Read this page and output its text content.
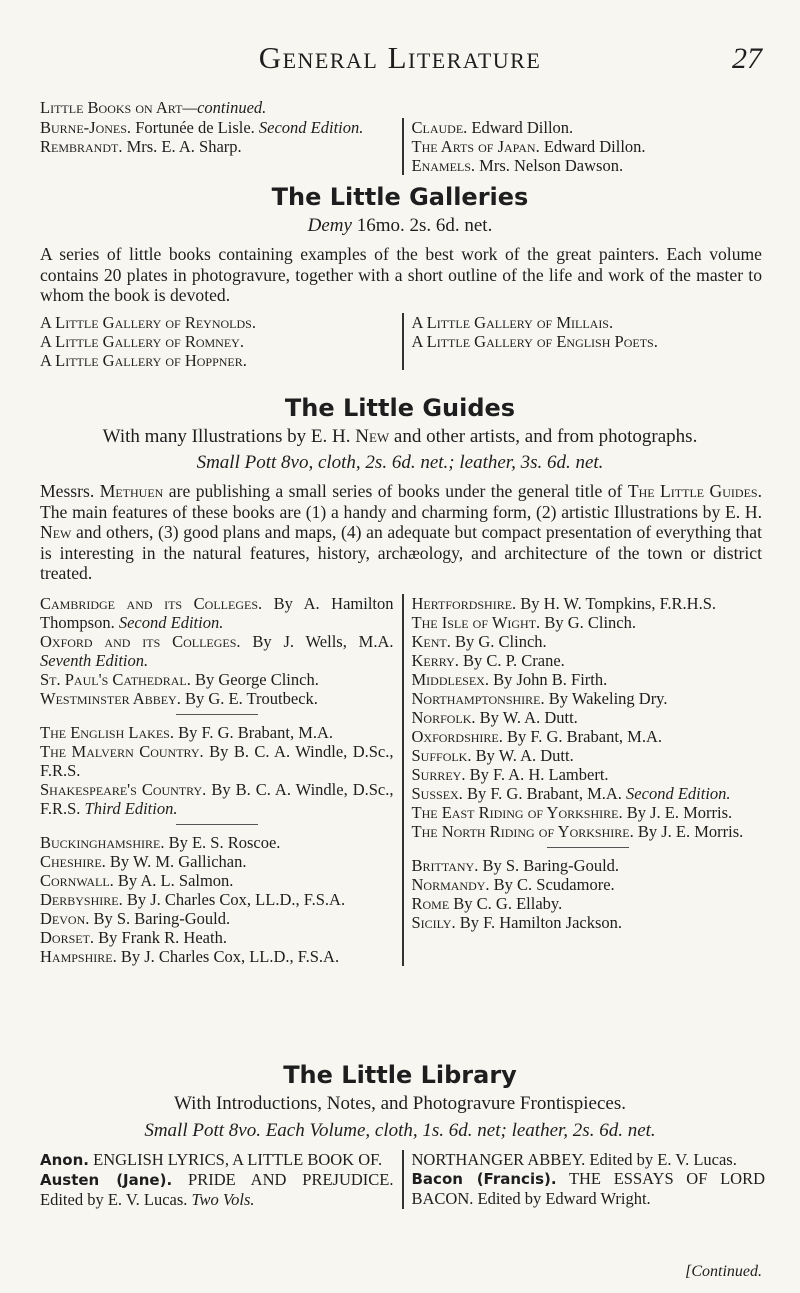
General Literature	27
Little Books on Art—continued.
Burne-Jones. Fortunée de Lisle. Second Edition.
Rembrandt. Mrs. E. A. Sharp.
Claude. Edward Dillon.
The Arts of Japan. Edward Dillon.
Enamels. Mrs. Nelson Dawson.
The Little Galleries
Demy 16mo. 2s. 6d. net.
A series of little books containing examples of the best work of the great painters. Each volume contains 20 plates in photogravure, together with a short outline of the life and work of the master to whom the book is devoted.
A Little Gallery of Reynolds.
A Little Gallery of Romney.
A Little Gallery of Hoppner.
A Little Gallery of Millais.
A Little Gallery of English Poets.
The Little Guides
With many Illustrations by E. H. New and other artists, and from photographs.
Small Pott 8vo, cloth, 2s. 6d. net.; leather, 3s. 6d. net.
Messrs. Methuen are publishing a small series of books under the general title of The Little Guides. The main features of these books are (1) a handy and charming form, (2) artistic Illustrations by E. H. New and others, (3) good plans and maps, (4) an adequate but compact presentation of everything that is interesting in the natural features, history, archæology, and architecture of the town or district treated.
Cambridge and its Colleges. By A. Hamilton Thompson. Second Edition.
Oxford and its Colleges. By J. Wells, M.A. Seventh Edition.
St. Paul's Cathedral. By George Clinch.
Westminster Abbey. By G. E. Troutbeck.
The English Lakes. By F. G. Brabant, M.A.
The Malvern Country. By B. C. A. Windle, D.Sc., F.R.S.
Shakespeare's Country. By B. C. A. Windle, D.Sc., F.R.S. Third Edition.
Buckinghamshire. By E. S. Roscoe.
Cheshire. By W. M. Gallichan.
Cornwall. By A. L. Salmon.
Derbyshire. By J. Charles Cox, LL.D., F.S.A.
Devon. By S. Baring-Gould.
Dorset. By Frank R. Heath.
Hampshire. By J. Charles Cox, LL.D., F.S.A.
Hertfordshire. By H. W. Tompkins, F.R.H.S.
The Isle of Wight. By G. Clinch.
Kent. By G. Clinch.
Kerry. By C. P. Crane.
Middlesex. By John B. Firth.
Northamptonshire. By Wakeling Dry.
Norfolk. By W. A. Dutt.
Oxfordshire. By F. G. Brabant, M.A.
Suffolk. By W. A. Dutt.
Surrey. By F. A. H. Lambert.
Sussex. By F. G. Brabant, M.A. Second Edition.
The East Riding of Yorkshire. By J. E. Morris.
The North Riding of Yorkshire. By J. E. Morris.
Brittany. By S. Baring-Gould.
Normandy. By C. Scudamore.
Rome By C. G. Ellaby.
Sicily. By F. Hamilton Jackson.
The Little Library
With Introductions, Notes, and Photogravure Frontispieces.
Small Pott 8vo. Each Volume, cloth, 1s. 6d. net; leather, 2s. 6d. net.
Anon. ENGLISH LYRICS, A LITTLE BOOK OF.
Austen (Jane). PRIDE AND PREJUDICE. Edited by E. V. Lucas. Two Vols.
NORTHANGER ABBEY. Edited by E. V. Lucas.
Bacon (Francis). THE ESSAYS OF LORD BACON. Edited by Edward Wright.
[Continued.
